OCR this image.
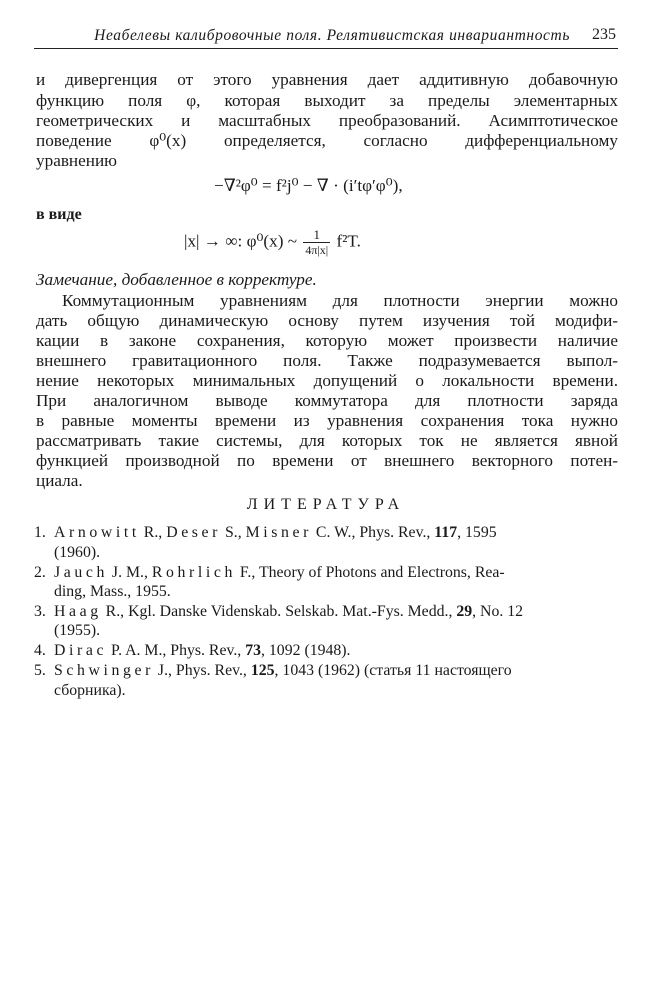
Неабелевы калибровочные поля. Релятивистская инвариантность 235
и дивергенция от этого уравнения дает аддитивную добавочную
функцию поля φ, которая выходит за пределы элементарных
геометрических и масштабных преобразований. Асимптотическое
поведение φ⁰(x) определяется, согласно дифференциальному
уравнению
−∇²φ⁰ = f²j⁰ − ∇ · (i′tφ′φ⁰),
в виде
|x| → ∞: φ⁰(x) ~ $\frac{1}{4\pi|x|} f^2T$.
Замечание, добавленное в корректуре.
Коммутационным уравнениям для плотности энергии можно
дать общую динамическую основу путем изучения той модифи-
кации в законе сохранения, которую может произвести наличие
внешнего гравитационного поля. Также подразумевается выпол-
нение некоторых минимальных допущений о локальности времени.
При аналогичном выводе коммутатора для плотности заряда
в равные моменты времени из уравнения сохранения тока нужно
рассматривать такие системы, для которых ток не является явной
функцией производной по времени от внешнего векторного потен-
циала.
ЛИТЕРАТУРА
1. Arnowitt R., Deser S., Misner C. W., Phys. Rev., 117, 1595
(1960).
2. Jauch J. M., Rohrlich F., Theory of Photons and Electrons, Rea-
ding, Mass., 1955.
3. Haag R., Kgl. Danske Videnskab. Selskab. Mat.-Fys. Medd., 29, No. 12
(1955).
4. Dirac P. A. M., Phys. Rev., 73, 1092 (1948).
5. Schwinger J., Phys. Rev., 125, 1043 (1962) (статья 11 настоящего
сборника).
